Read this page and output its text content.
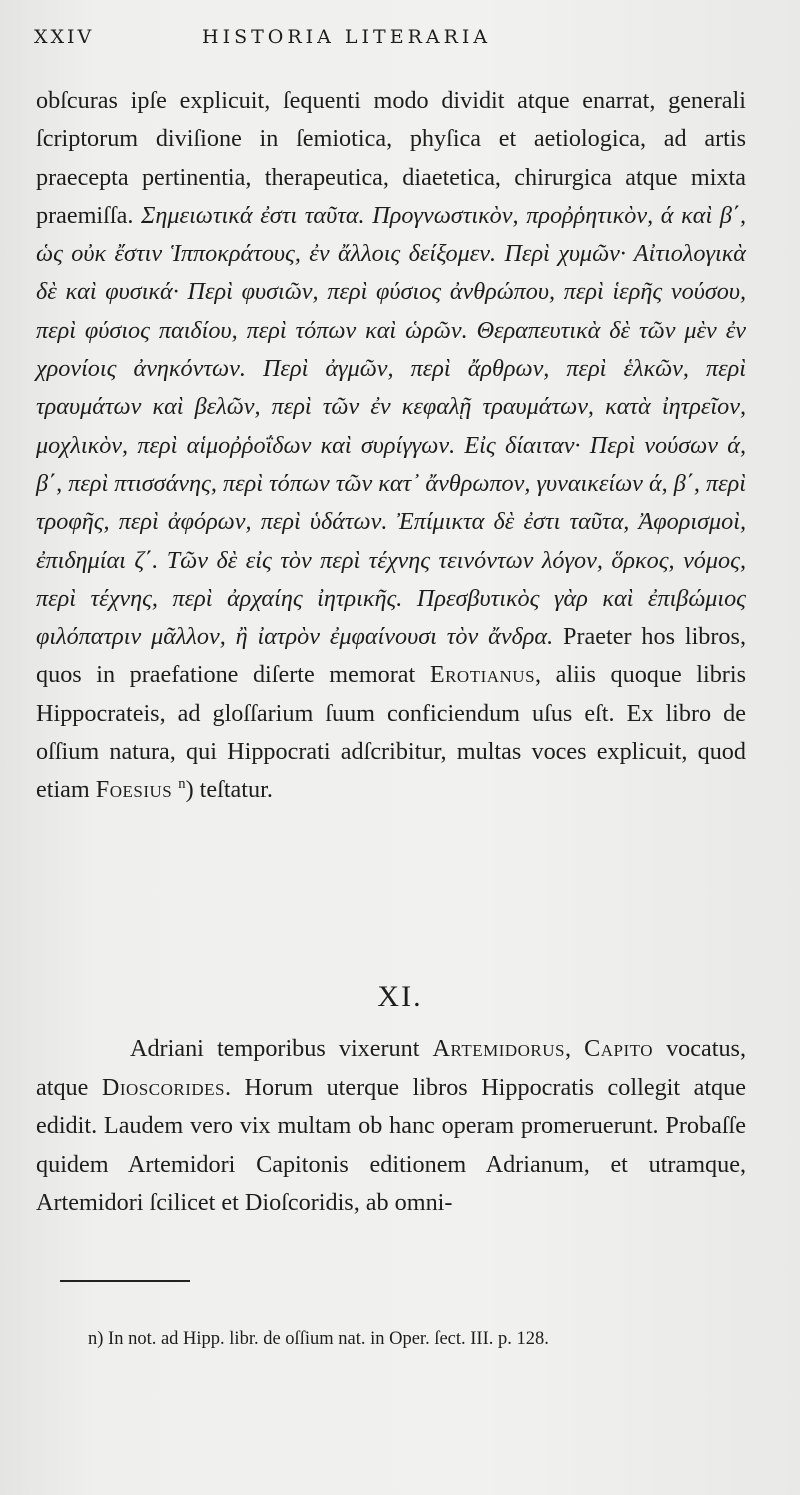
XXIV	HISTORIA LITERARIA

obſcuras ipſe explicuit, ſequenti modo dividit atque enarrat, generali ſcriptorum diviſione in ſemiotica, phyſica et aetiologica, ad artis praecepta pertinentia, therapeutica, diaetetica, chirurgica atque mixta praemiſſa. Σημειωτικά ἐστι ταῦτα. Προγνωστικὸν, προῤῥητικὸν, ά καὶ β΄, ὡς οὐκ ἔστιν Ἱπποκράτους, ἐν ἄλλοις δείξομεν. Περὶ χυμῶν· Αἰτιολογικὰ δὲ καὶ φυσικά· Περὶ φυσιῶν, περὶ φύσιος ἀνθρώπου, περὶ ἱερῆς νούσου, περὶ φύσιος παιδίου, περὶ τόπων καὶ ὡρῶν. Θεραπευτικὰ δὲ τῶν μὲν ἐν χρονίοις ἀνηκόντων. Περὶ ἀγμῶν, περὶ ἄρθρων, περὶ ἑλκῶν, περὶ τραυμάτων καὶ βελῶν, περὶ τῶν ἐν κεφαλῇ τραυμάτων, κατὰ ἰητρεῖον, μοχλικὸν, περὶ αἱμοῤῥοΐδων καὶ συρίγγων. Εἰς δίαιταν· Περὶ νούσων ά, β΄, περὶ πτισσάνης, περὶ τόπων τῶν κατ᾽ ἄνθρωπον, γυναικείων ά, β΄, περὶ τροφῆς, περὶ ἀφόρων, περὶ ὑδάτων. Ἐπίμικτα δὲ ἐστι ταῦτα, Ἀφορισμοὶ, ἐπιδημίαι ζ΄. Τῶν δὲ εἰς τὸν περὶ τέχνης τεινόντων λόγον, ὅρκος, νόμος, περὶ τέχνης, περὶ ἀρχαίης ἰητρικῆς. Πρεσβυτικὸς γὰρ καὶ ἐπιβώμιος φιλόπατριν μᾶλλον, ἢ ἰατρὸν ἐμφαίνουσι τὸν ἄνδρα. Praeter hos libros, quos in praefatione diſerte memorat Erotianus, aliis quoque libris Hippocrateis, ad gloſſarium ſuum conficiendum uſus eſt. Ex libro de oſſium natura, qui Hippocrati adſcribitur, multas voces explicuit, quod etiam Foesius $^n$) teſtatur.

XI.

Adriani temporibus vixerunt Artemidorus, Capito vocatus, atque Dioscorides. Horum uterque libros Hippocratis collegit atque edidit. Laudem vero vix multam ob hanc operam promeruerunt. Probaſſe quidem Artemidori Capitonis editionem Adrianum, et utramque, Artemidori ſcilicet et Dioſcoridis, ab omni-

n) In not. ad Hipp. libr. de oſſium nat. in Oper. ſect. III. p. 128.
